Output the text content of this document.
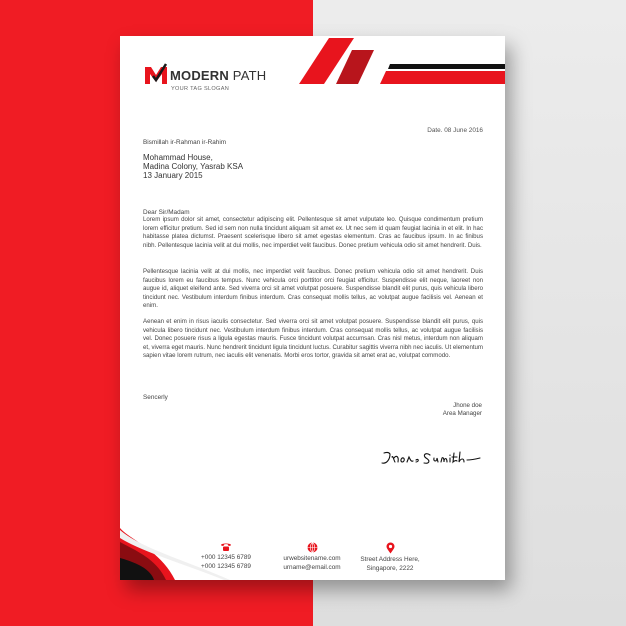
MODERN PATH
YOUR TAG SLOGAN
Date. 08 June 2016
Bismillah ir-Rahman ir-Rahim
Mohammad House,
Madina Colony, Yasrab KSA
13 January 2015
Dear Sir/Madam
Lorem ipsum dolor sit amet, consectetur adipiscing elit. Pellentesque sit amet vulputate leo. Quisque condimentum pretium lorem efficitur pretium. Sed id sem non nulla tincidunt aliquam sit amet ex. Ut nec sem id quam feugiat lacinia in et elit. In hac habitasse platea dictumst. Praesent scelerisque libero sit amet egestas elementum. Cras ac faucibus ipsum. In ac finibus nibh. Pellentesque lacinia velit at dui mollis, nec imperdiet velit faucibus. Donec pretium vehicula odio sit amet hendrerit. Duis.
Pellentesque lacinia velit at dui mollis, nec imperdiet velit faucibus. Donec pretium vehicula odio sit amet hendrerit. Duis faucibus lorem eu faucibus tempus. Nunc vehicula orci porttitor orci feugiat efficitur. Suspendisse elit neque, laoreet non augue id, aliquet eleifend ante. Sed viverra orci sit amet volutpat posuere. Suspendisse blandit elit purus, quis vehicula libero tincidunt nec. Vestibulum interdum finibus interdum. Cras consequat mollis tellus, ac volutpat augue facilisis vel. Aenean et enim.
Aenean et enim in risus iaculis consectetur. Sed viverra orci sit amet volutpat posuere. Suspendisse blandit elit purus, quis vehicula libero tincidunt nec. Vestibulum interdum finibus interdum. Cras consequat mollis tellus, ac volutpat augue facilisis vel. Donec posuere risus a ligula egestas mauris. Fusce tincidunt volutpat accumsan. Cras nisl metus, interdum non aliquam et, viverra eget mauris. Nunc hendrerit tincidunt ligula tincidunt luctus. Curabitur sagittis viverra nibh nec iaculis. Ut elementum sapien vitae lorem rutrum, nec iaculis elit venenatis. Morbi eros tortor, gravida sit amet erat ac, volutpat commodo.
Sencerly
Jhone doe
Area Manager
+000 12345 6789
+000 12345 6789
urwebsitename.com
urname@email.com
Street Address Here,
Singapore, 2222
